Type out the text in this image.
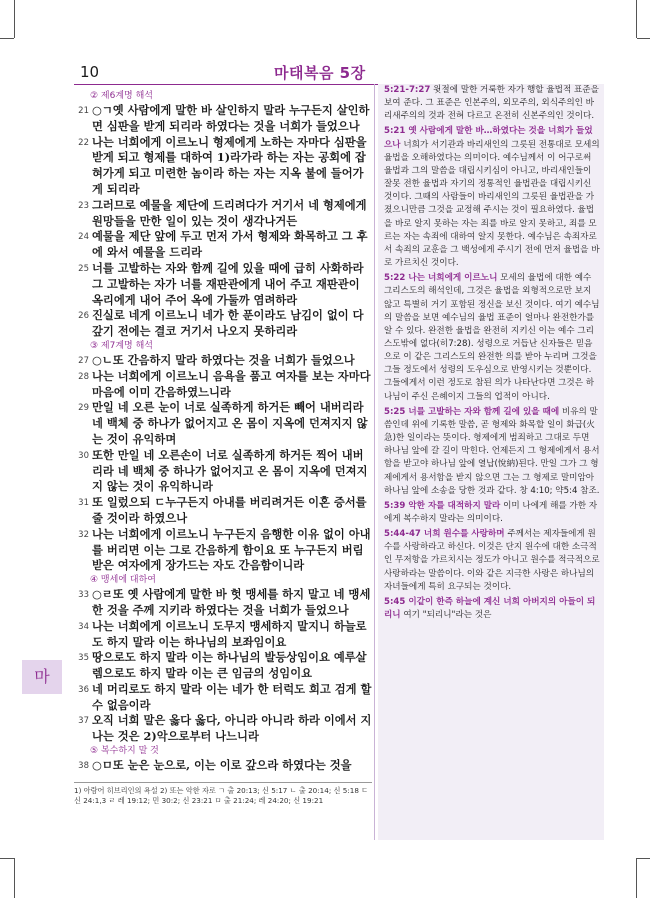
마
10	마태복음 5장
② 제6계명 해석
21 ○ㄱ옛 사람에게 말한 바 살인하지 말라 누구든지 살인하면 심판을 받게 되리라 하였다는 것을 너희가 들었으나
22 나는 너희에게 이르노니 형제에게 노하는 자마다 심판을 받게 되고 형제를 대하여 1)라가라 하는 자는 공회에 잡혀가게 되고 미련한 놈이라 하는 자는 지옥 불에 들어가게 되리라
23 그러므로 예물을 제단에 드리려다가 거기서 네 형제에게 원망들을 만한 일이 있는 것이 생각나거든
24 예물을 제단 앞에 두고 먼저 가서 형제와 화목하고 그 후에 와서 예물을 드리라
25 너를 고발하는 자와 함께 길에 있을 때에 급히 사화하라 그 고발하는 자가 너를 재판관에게 내어 주고 재판관이 옥리에게 내어 주어 옥에 가둘까 염려하라
26 진실로 네게 이르노니 네가 한 푼이라도 남김이 없이 다 갚기 전에는 결코 거기서 나오지 못하리라
③ 제7계명 해석
27 ○ㄴ또 간음하지 말라 하였다는 것을 너희가 들었으나
28 나는 너희에게 이르노니 음욕을 품고 여자를 보는 자마다 마음에 이미 간음하였느니라
29 만일 네 오른 눈이 너로 실족하게 하거든 빼어 내버리라 네 백체 중 하나가 없어지고 온 몸이 지옥에 던져지지 않는 것이 유익하며
30 또한 만일 네 오른손이 너로 실족하게 하거든 찍어 내버리라 네 백체 중 하나가 없어지고 온 몸이 지옥에 던져지지 않는 것이 유익하니라
31 또 일렀으되 ㄷ누구든지 아내를 버리려거든 이혼 증서를 줄 것이라 하였으나
32 나는 너희에게 이르노니 누구든지 음행한 이유 없이 아내를 버리면 이는 그로 간음하게 함이요 또 누구든지 버림받은 여자에게 장가드는 자도 간음함이니라
④ 맹세에 대하여
33 ○ㄹ또 옛 사람에게 말한 바 헛 맹세를 하지 말고 네 맹세한 것을 주께 지키라 하였다는 것을 너희가 들었으나
34 나는 너희에게 이르노니 도무지 맹세하지 말지니 하늘로도 하지 말라 이는 하나님의 보좌임이요
35 땅으로도 하지 말라 이는 하나님의 발등상임이요 예루살렘으로도 하지 말라 이는 큰 임금의 성임이요
36 네 머리로도 하지 말라 이는 네가 한 터럭도 희고 검게 할 수 없음이라
37 오직 너희 말은 옳다 옳다, 아니라 아니라 하라 이에서 지나는 것은 2)악으로부터 나느니라
⑤ 복수하지 말 것
38 ○ㅁ또 눈은 눈으로, 이는 이로 갚으라 하였다는 것을
1) 아람어 히브리인의 욕설 2) 또는 악한 자로 ㄱ 출 20:13; 신 5:17 ㄴ 출 20:14; 신 5:18 ㄷ 신 24:1,3 ㄹ 레 19:12; 민 30:2; 신 23:21 ㅁ 출 21:24; 레 24:20; 신 19:21
5:21-7:27 윗절에 말한 거룩한 자가 행할 율법적 표준을 보여 준다. 그 표준은 인본주의, 외모주의, 외식주의인 바리새주의의 것과 전혀 다르고 온전히 신본주의인 것이다.
5:21 옛 사람에게 말한 바…하였다는 것을 너희가 들었으나 너희가 서기관과 바리새인의 그릇된 전통대로 모세의 율법을 오해하였다는 의미이다. 예수님께서 이 어구로써 율법과 그의 말씀을 대립시키심이 아니고, 바리새인들이 잘못 전한 율법과 자기의 정통적인 율법관을 대립시키신 것이다. 그때의 사람들이 바리새인의 그릇된 율법관을 가졌으니만큼 그것을 교정해 주시는 것이 필요하였다. 율법을 바로 알지 못하는 자는 죄를 바로 알지 못하고, 죄를 모르는 자는 속죄에 대하여 알지 못한다. 예수님은 속죄자로서 속죄의 교훈을 그 백성에게 주시기 전에 먼저 율법을 바로 가르치신 것이다.
5:22 나는 너희에게 이르노니 모세의 율법에 대한 예수 그리스도의 해석인데, 그것은 율법을 외형적으로만 보지 않고 특별히 거기 포함된 정신을 보신 것이다. 여기 예수님의 말씀을 보면 예수님의 율법 표준이 얼마나 완전한가를 알 수 있다. 완전한 율법을 완전히 지키신 이는 예수 그리스도밖에 없다(히7:28). 성령으로 거듭난 신자들은 믿음으로 이 같은 그리스도의 완전한 의를 받아 누리며 그것을 그들 정도에서 성령의 도우심으로 반영시키는 것뿐이다. 그들에게서 이런 정도로 참된 의가 나타난다면 그것은 하나님이 주신 은혜이지 그들의 업적이 아니다.
5:25 너를 고발하는 자와 함께 길에 있을 때에 비유의 말씀인데 위에 기록한 말씀, 곧 형제와 화목할 일이 화급(火急)한 일이라는 뜻이다. 형제에게 범죄하고 그대로 두면 하나님 앞에 갈 길이 막힌다. 언제든지 그 형제에게서 용서함을 받고야 하나님 앞에 열납(悅納)된다. 만일 그가 그 형제에게서 용서함을 받지 않으면 그는 그 형제로 말미암아 하나님 앞에 소송을 당한 것과 같다. 창 4:10; 약5:4 참조.
5:39 악한 자를 대적하지 말라 이미 나에게 해를 가한 자에게 복수하지 말라는 의미이다.
5:44-47 너희 원수를 사랑하며 주께서는 제자들에게 원수를 사랑하라고 하신다. 이것은 단지 원수에 대한 소극적인 무저항을 가르치시는 정도가 아니고 원수를 적극적으로 사랑하라는 말씀이다. 이와 같은 지극한 사랑은 하나님의 자녀들에게 특히 요구되는 것이다.
5:45 이같이 한즉 하늘에 계신 너희 아버지의 아들이 되리니 여기 "되리니"라는 것은
